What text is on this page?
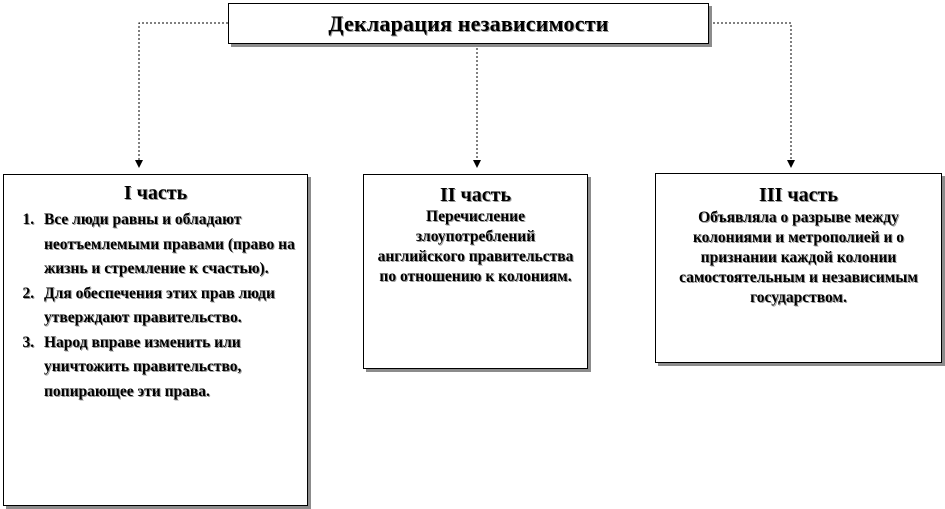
Декларация независимости
I часть
1. Все люди равны и обладают неотъемлемыми правами (право на жизнь и стремление к счастью).
2. Для обеспечения этих прав люди утверждают правительство.
3. Народ вправе изменить или уничтожить правительство, попирающее эти права.
II часть
Перечисление злоупотреблений английского правительства по отношению к колониям.
III часть
Объявляла о разрыве между колониями и метрополией и о признании каждой колонии самостоятельным и независимым государством.
